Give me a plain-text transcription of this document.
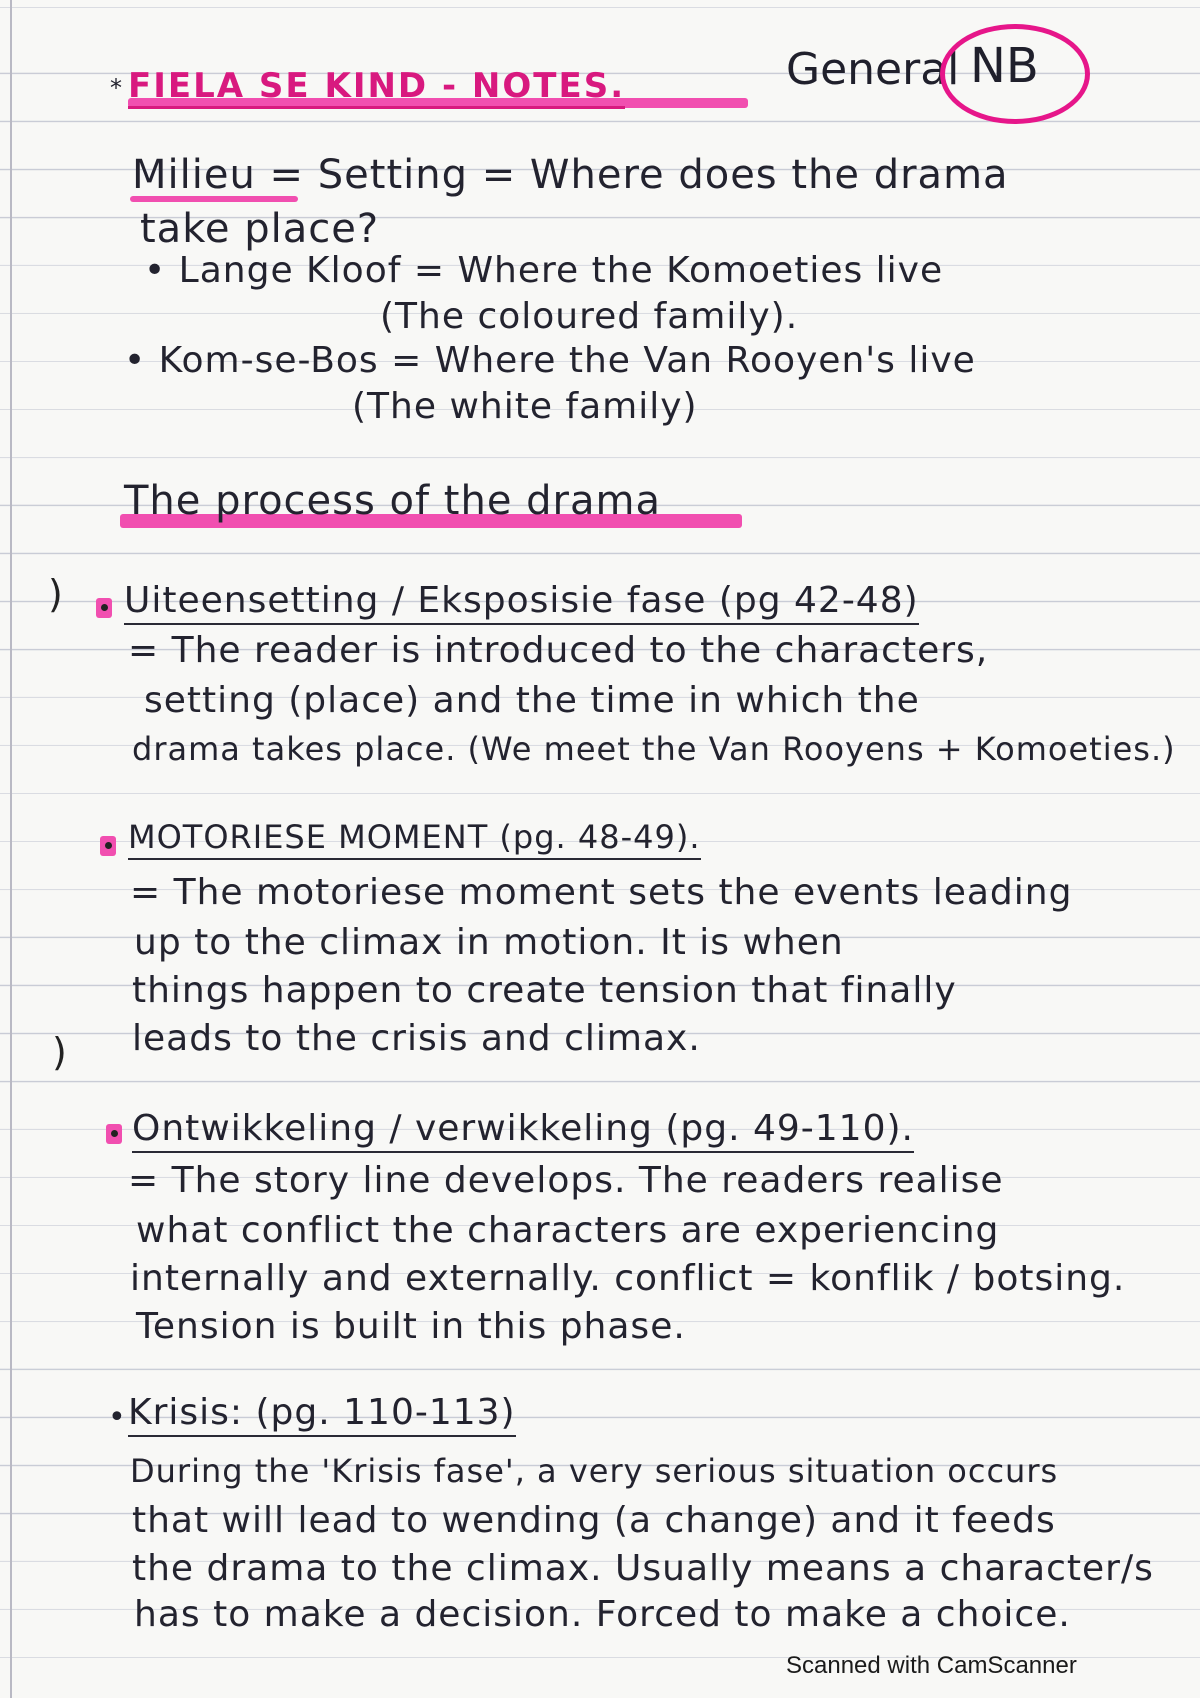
* FIELA SE KIND - NOTES.	General NB
Milieu = Setting = Where does the drama
take place?
• Lange Kloof = Where the Komoeties live
(The coloured family).
• Kom-se-Bos = Where the Van Rooyen's live
(The white family)
The process of the drama
) Uiteensetting / Eksposisie fase (pg 42-48)
= The reader is introduced to the characters,
setting (place) and the time in which the
drama takes place. (We meet the Van Rooyens + Komoeties.)
MOTORIESE MOMENT (pg. 48-49).
= The motoriese moment sets the events leading
up to the climax in motion. It is when
things happen to create tension that finally
leads to the crisis and climax.
)
Ontwikkeling / verwikkeling (pg. 49-110).
= The story line develops. The readers realise
what conflict the characters are experiencing
internally and externally. conflict = konflik / botsing.
Tension is built in this phase.
• Krisis: (pg. 110-113)
During the 'Krisis fase', a very serious situation occurs
that will lead to wending (a change) and it feeds
the drama to the climax. Usually means a character/s
has to make a decision. Forced to make a choice.
Scanned with CamScanner
